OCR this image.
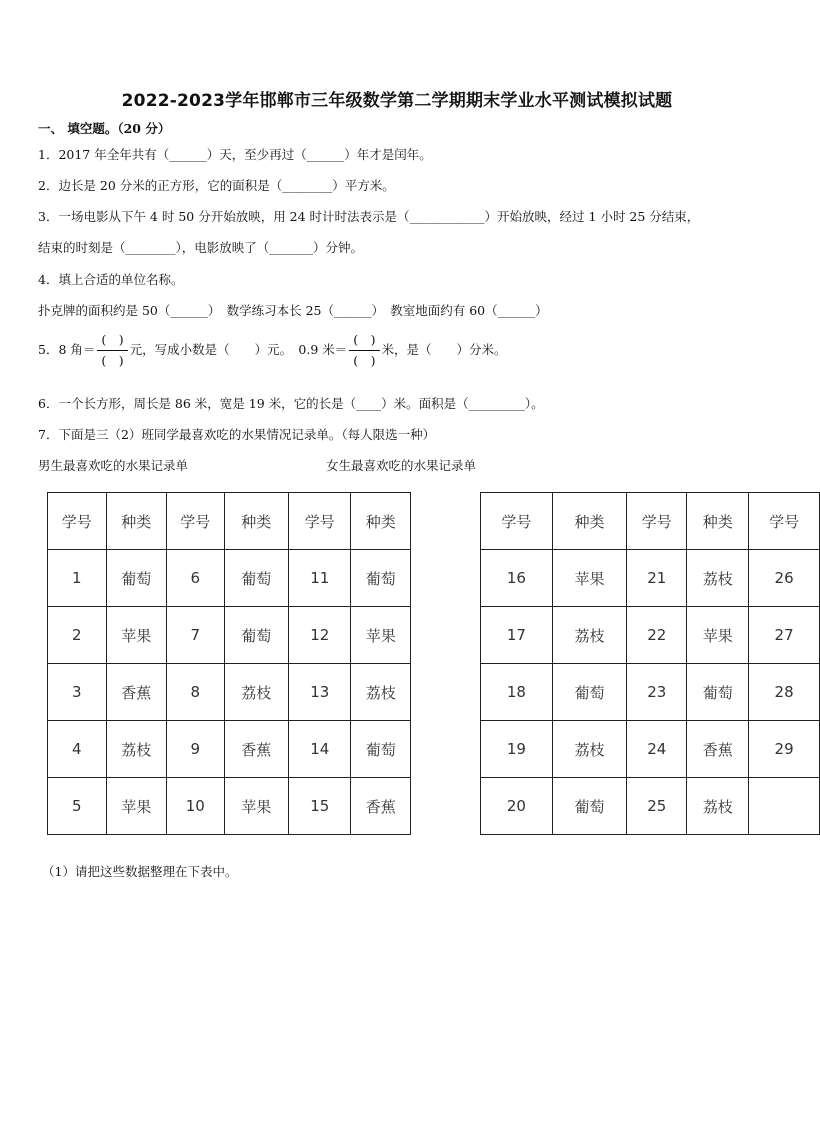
2022-2023学年邯郸市三年级数学第二学期期末学业水平测试模拟试题
一、 填空题。（20 分）
1．2017 年全年共有（______）天，至少再过（______）年才是闰年。
2．边长是 20 分米的正方形，它的面积是（________）平方米。
3．一场电影从下午 4 时 50 分开始放映，用 24 时计时法表示是（____________）开始放映，经过 1 小时 25 分结束，
结束的时刻是（________），电影放映了（_______）分钟。
4．填上合适的单位名称。
扑克牌的面积约是 50（______）　数学练习本长 25（______）　教室地面约有 60（______）
5．8 角＝ $\frac{( )}{( )}$ 元，写成小数是（　　）元。　0.9 米＝ $\frac{( )}{( )}$ 米，是（　　）分米。
6．一个长方形，周长是 86 米，宽是 19 米，它的长是（____）米。面积是（_________）。
7．下面是三（2）班同学最喜欢吃的水果情况记录单。（每人限选一种）
男生最喜欢吃的水果记录单	女生最喜欢吃的水果记录单
学号	种类	学号	种类	学号	种类
1	葡萄	6	葡萄	11	葡萄
2	苹果	7	葡萄	12	苹果
3	香蕉	8	荔枝	13	荔枝
4	荔枝	9	香蕉	14	葡萄
5	苹果	10	苹果	15	香蕉
学号	种类	学号	种类	学号
16	苹果	21	荔枝	26
17	荔枝	22	苹果	27
18	葡萄	23	葡萄	28
19	荔枝	24	香蕉	29
20	葡萄	25	荔枝	
（1）请把这些数据整理在下表中。
